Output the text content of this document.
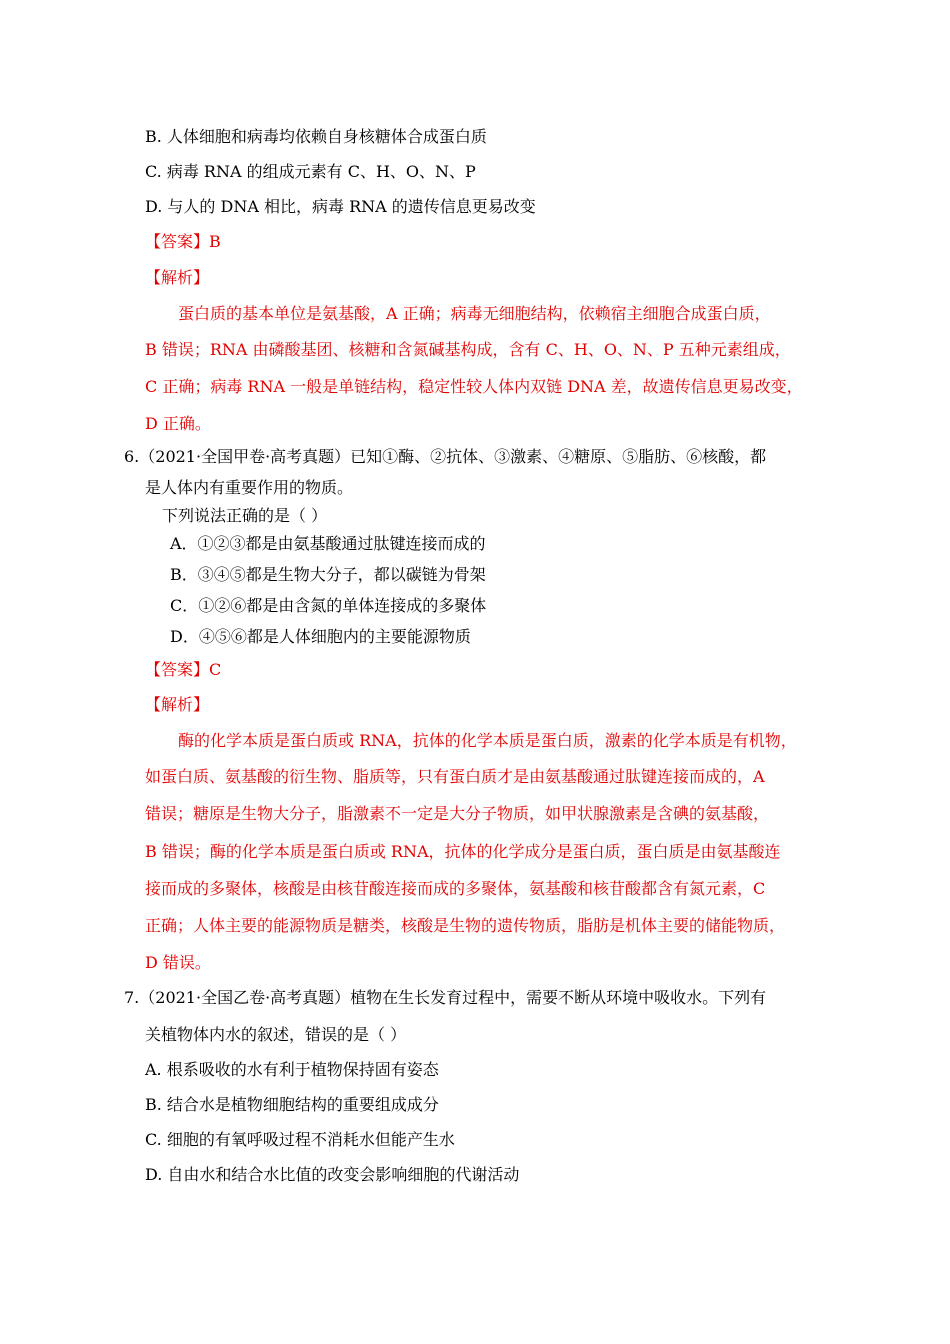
B. 人体细胞和病毒均依赖自身核糖体合成蛋白质
C. 病毒 RNA 的组成元素有 C、H、O、N、P
D. 与人的 DNA 相比，病毒 RNA 的遗传信息更易改变
【答案】B
【解析】
蛋白质的基本单位是氨基酸，A 正确；病毒无细胞结构，依赖宿主细胞合成蛋白质，
B 错误；RNA 由磷酸基团、核糖和含氮碱基构成，含有 C、H、O、N、P 五种元素组成，
C 正确；病毒 RNA 一般是单链结构，稳定性较人体内双链 DNA 差，故遗传信息更易改变，
D 正确。
6.（2021·全国甲卷·高考真题）已知①酶、②抗体、③激素、④糖原、⑤脂肪、⑥核酸，都
是人体内有重要作用的物质。
下列说法正确的是（ ）
A．①②③都是由氨基酸通过肽键连接而成的
B．③④⑤都是生物大分子，都以碳链为骨架
C．①②⑥都是由含氮的单体连接成的多聚体
D．④⑤⑥都是人体细胞内的主要能源物质
【答案】C
【解析】
酶的化学本质是蛋白质或 RNA，抗体的化学本质是蛋白质，激素的化学本质是有机物，
如蛋白质、氨基酸的衍生物、脂质等，只有蛋白质才是由氨基酸通过肽键连接而成的，A
错误；糖原是生物大分子，脂激素不一定是大分子物质，如甲状腺激素是含碘的氨基酸，
B 错误；酶的化学本质是蛋白质或 RNA，抗体的化学成分是蛋白质，蛋白质是由氨基酸连
接而成的多聚体，核酸是由核苷酸连接而成的多聚体，氨基酸和核苷酸都含有氮元素，C
正确；人体主要的能源物质是糖类，核酸是生物的遗传物质，脂肪是机体主要的储能物质，
D 错误。
7.（2021·全国乙卷·高考真题）植物在生长发育过程中，需要不断从环境中吸收水。下列有
关植物体内水的叙述，错误的是（ ）
A. 根系吸收的水有利于植物保持固有姿态
B. 结合水是植物细胞结构的重要组成成分
C. 细胞的有氧呼吸过程不消耗水但能产生水
D. 自由水和结合水比值的改变会影响细胞的代谢活动
